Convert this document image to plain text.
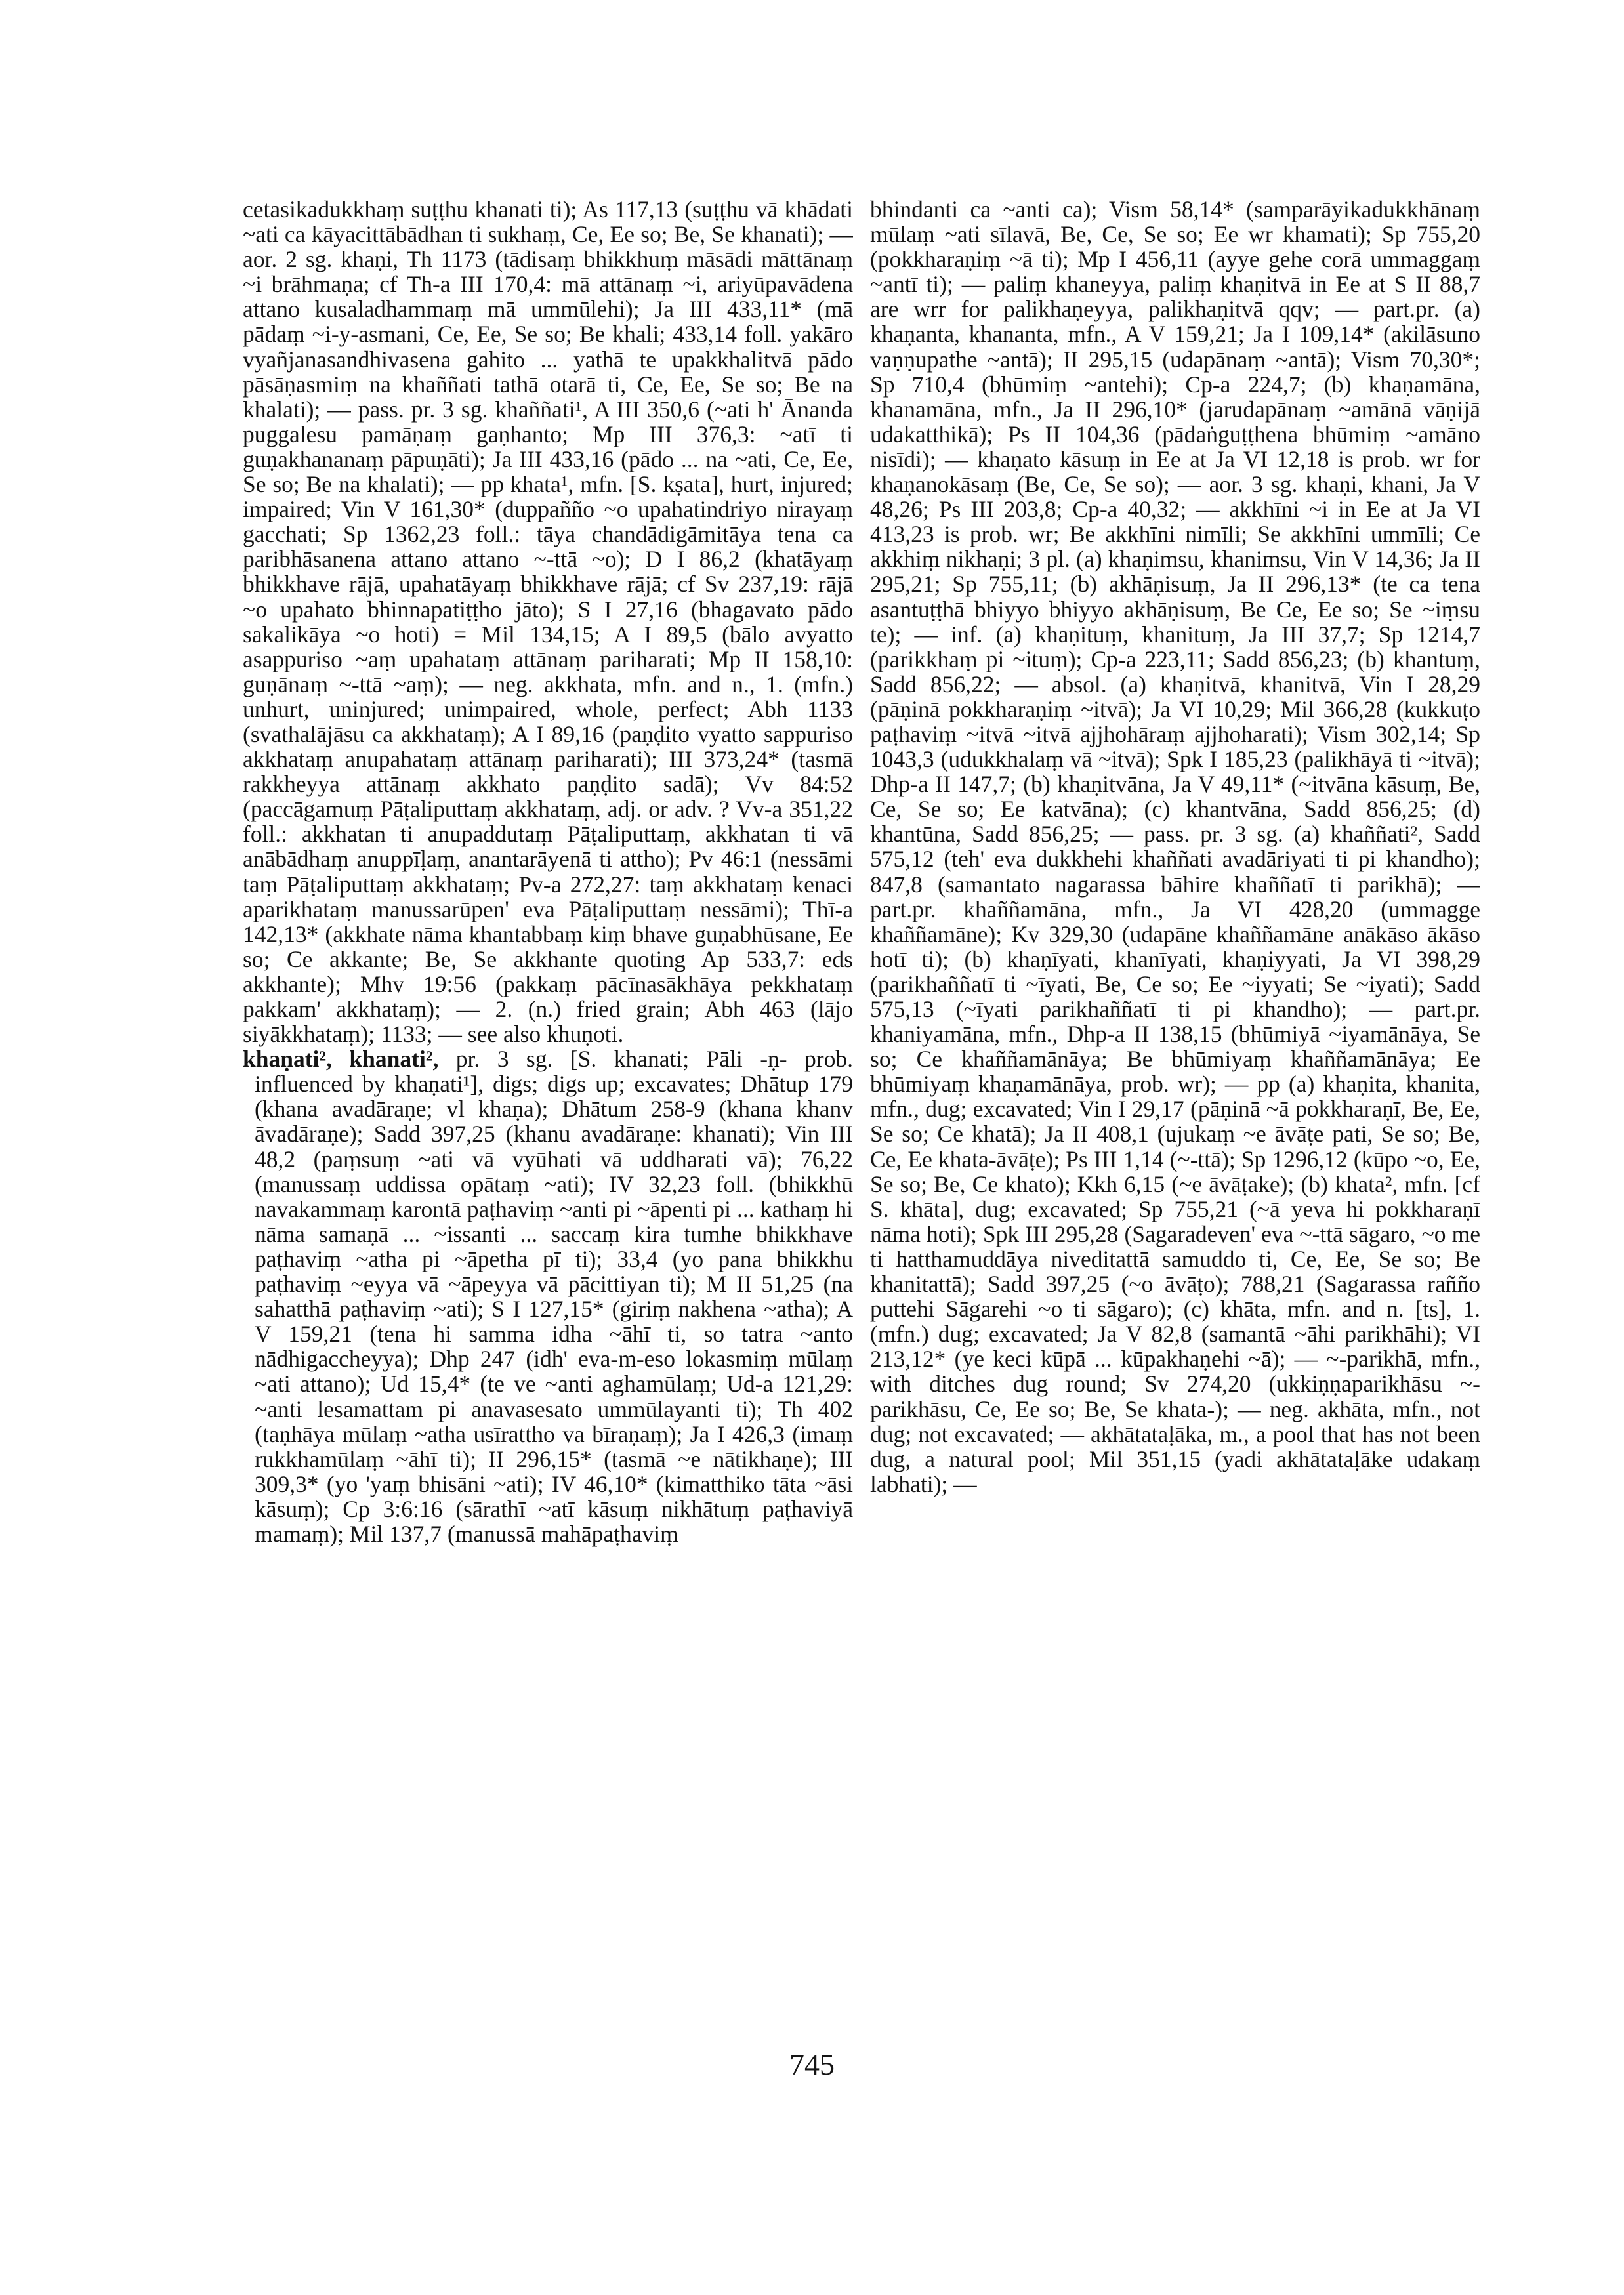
cetasikadukkhaṃ suṭṭhu khanati ti); As 117,13 (suṭṭhu vā khādati ~ati ca kāyacittābādhan ti sukhaṃ, Ce, Ee so; Be, Se khanati); — aor. 2 sg. khaṇi, Th 1173 (tādisaṃ bhikkhuṃ māsādi māttānaṃ ~i brāhmaṇa; cf Th-a III 170,4: mā attānaṃ ~i, ariyūpavādena attano kusaladhammaṃ mā ummūlehi); Ja III 433,11* (mā pādaṃ ~i-y-asmani, Ce, Ee, Se so; Be khali; 433,14 foll. yakāro vyañjanasandhivasena gahito ... yathā te upakkhalitvā pādo pāsāṇasmiṃ na khaññati tathā otarā ti, Ce, Ee, Se so; Be na khalati); — pass. pr. 3 sg. khaññati¹, A III 350,6 (~ati h' Ānanda puggalesu pamāṇaṃ gaṇhanto; Mp III 376,3: ~atī ti guṇakhananaṃ pāpuṇāti); Ja III 433,16 (pādo ... na ~ati, Ce, Ee, Se so; Be na khalati); — pp khata¹, mfn. [S. kṣata], hurt, injured; impaired; Vin V 161,30* (duppañño ~o upahatindriyo nirayaṃ gacchati; Sp 1362,23 foll.: tāya chandādigāmitāya tena ca paribhāsanena attano attano ~-ttā ~o); D I 86,2 (khatāyaṃ bhikkhave rājā, upahatāyaṃ bhikkhave rājā; cf Sv 237,19: rājā ~o upahato bhinnapatiṭṭho jāto); S I 27,16 (bhagavato pādo sakalikāya ~o hoti) = Mil 134,15; A I 89,5 (bālo avyatto asappuriso ~aṃ upahataṃ attānaṃ pariharati; Mp II 158,10: guṇānaṃ ~-ttā ~aṃ); — neg. akkhata, mfn. and n., 1. (mfn.) unhurt, uninjured; unimpaired, whole, perfect; Abh 1133 (svathalājāsu ca akkhataṃ); A I 89,16 (paṇḍito vyatto sappuriso akkhataṃ anupahataṃ attānaṃ pariharati); III 373,24* (tasmā rakkheyya attānaṃ akkhato paṇḍito sadā); Vv 84:52 (paccāgamuṃ Pāṭaliputtaṃ akkhataṃ, adj. or adv. ? Vv-a 351,22 foll.: akkhatan ti anupaddutaṃ Pāṭaliputtaṃ, akkhatan ti vā anābādhaṃ anuppīḷaṃ, anantarāyenā ti attho); Pv 46:1 (nessāmi taṃ Pāṭaliputtaṃ akkhataṃ; Pv-a 272,27: taṃ akkhataṃ kenaci aparikhataṃ manussarūpen' eva Pāṭaliputtaṃ nessāmi); Thī-a 142,13* (akkhate nāma khantabbaṃ kiṃ bhave guṇabhūsane, Ee so; Ce akkante; Be, Se akkhante quoting Ap 533,7: eds akkhante); Mhv 19:56 (pakkaṃ pācīnasākhāya pekkhataṃ pakkam' akkhataṃ); — 2. (n.) fried grain; Abh 463 (lājo siyākkhataṃ); 1133; — see also khuṇoti.

khaṇati², khanati², pr. 3 sg. [S. khanati; Pāli -ṇ- prob. influenced by khaṇati¹], digs; digs up; excavates; Dhātup 179 (khana avadāraṇe; vl khaṇa); Dhātum 258-9 (khana khanv āvadāraṇe); Sadd 397,25 (khanu avadāraṇe: khanati); Vin III 48,2 (paṃsuṃ ~ati vā vyūhati vā uddharati vā); 76,22 (manussaṃ uddissa opātaṃ ~ati); IV 32,23 foll. (bhikkhū navakammaṃ karontā paṭhaviṃ ~anti pi ~āpenti pi ... kathaṃ hi nāma samaṇā ... ~issanti ... saccaṃ kira tumhe bhikkhave paṭhaviṃ ~atha pi ~āpetha pī ti); 33,4 (yo pana bhikkhu paṭhaviṃ ~eyya vā ~āpeyya vā pācittiyan ti); M II 51,25 (na sahatthā paṭhaviṃ ~ati); S I 127,15* (giriṃ nakhena ~atha); A V 159,21 (tena hi samma idha ~āhī ti, so tatra ~anto nādhigaccheyya); Dhp 247 (idh' eva-m-eso lokasmiṃ mūlaṃ ~ati attano); Ud 15,4* (te ve ~anti aghamūlaṃ; Ud-a 121,29: ~anti lesamattam pi anavasesato ummūlayanti ti); Th 402 (taṇhāya mūlaṃ ~atha usīrattho va bīraṇaṃ); Ja I 426,3 (imaṃ rukkhamūlaṃ ~āhī ti); II 296,15* (tasmā ~e nātikhaṇe); III 309,3* (yo 'yaṃ bhisāni ~ati); IV 46,10* (kimatthiko tāta ~āsi kāsuṃ); Cp 3:6:16 (sārathī ~atī kāsuṃ nikhātuṃ paṭhaviyā mamaṃ); Mil 137,7 (manussā mahāpaṭhaviṃ

bhindanti ca ~anti ca); Vism 58,14* (samparāyikadukkhānaṃ mūlaṃ ~ati sīlavā, Be, Ce, Se so; Ee wr khamati); Sp 755,20 (pokkharaṇiṃ ~ā ti); Mp I 456,11 (ayye gehe corā ummaggaṃ ~antī ti); — paliṃ khaneyya, paliṃ khaṇitvā in Ee at S II 88,7 are wrr for palikhaṇeyya, palikhaṇitvā qqv; — part.pr. (a) khaṇanta, khananta, mfn., A V 159,21; Ja I 109,14* (akilāsuno vaṇṇupathe ~antā); II 295,15 (udapānaṃ ~antā); Vism 70,30*; Sp 710,4 (bhūmiṃ ~antehi); Cp-a 224,7; (b) khaṇamāna, khanamāna, mfn., Ja II 296,10* (jarudapānaṃ ~amānā vāṇijā udakatthikā); Ps II 104,36 (pādaṅguṭṭhena bhūmiṃ ~amāno nisīdi); — khaṇato kāsuṃ in Ee at Ja VI 12,18 is prob. wr for khaṇanokāsaṃ (Be, Ce, Se so); — aor. 3 sg. khaṇi, khani, Ja V 48,26; Ps III 203,8; Cp-a 40,32; — akkhīni ~i in Ee at Ja VI 413,23 is prob. wr; Be akkhīni nimīli; Se akkhīni ummīli; Ce akkhiṃ nikhaṇi; 3 pl. (a) khaṇimsu, khanimsu, Vin V 14,36; Ja II 295,21; Sp 755,11; (b) akhāṇisuṃ, Ja II 296,13* (te ca tena asantuṭṭhā bhiyyo bhiyyo akhāṇisuṃ, Be Ce, Ee so; Se ~iṃsu te); — inf. (a) khaṇituṃ, khanituṃ, Ja III 37,7; Sp 1214,7 (parikkhaṃ pi ~ituṃ); Cp-a 223,11; Sadd 856,23; (b) khantuṃ, Sadd 856,22; — absol. (a) khaṇitvā, khanitvā, Vin I 28,29 (pāṇinā pokkharaṇiṃ ~itvā); Ja VI 10,29; Mil 366,28 (kukkuṭo paṭhaviṃ ~itvā ~itvā ajjhohāraṃ ajjhoharati); Vism 302,14; Sp 1043,3 (udukkhalaṃ vā ~itvā); Spk I 185,23 (palikhāyā ti ~itvā); Dhp-a II 147,7; (b) khaṇitvāna, Ja V 49,11* (~itvāna kāsuṃ, Be, Ce, Se so; Ee katvāna); (c) khantvāna, Sadd 856,25; (d) khantūna, Sadd 856,25; — pass. pr. 3 sg. (a) khaññati², Sadd 575,12 (teh' eva dukkhehi khaññati avadāriyati ti pi khandho); 847,8 (samantato nagarassa bāhire khaññatī ti parikhā); — part.pr. khaññamāna, mfn., Ja VI 428,20 (ummagge khaññamāne); Kv 329,30 (udapāne khaññamāne anākāso ākāso hotī ti); (b) khaṇīyati, khanīyati, khaṇiyyati, Ja VI 398,29 (parikhaññatī ti ~īyati, Be, Ce so; Ee ~iyyati; Se ~iyati); Sadd 575,13 (~īyati parikhaññatī ti pi khandho); — part.pr. khaniyamāna, mfn., Dhp-a II 138,15 (bhūmiyā ~iyamānāya, Se so; Ce khaññamānāya; Be bhūmiyaṃ khaññamānāya; Ee bhūmiyaṃ khaṇamānāya, prob. wr); — pp (a) khaṇita, khanita, mfn., dug; excavated; Vin I 29,17 (pāṇinā ~ā pokkharaṇī, Be, Ee, Se so; Ce khatā); Ja II 408,1 (ujukaṃ ~e āvāṭe pati, Se so; Be, Ce, Ee khata-āvāṭe); Ps III 1,14 (~-ttā); Sp 1296,12 (kūpo ~o, Ee, Se so; Be, Ce khato); Kkh 6,15 (~e āvāṭake); (b) khata², mfn. [cf S. khāta], dug; excavated; Sp 755,21 (~ā yeva hi pokkharaṇī nāma hoti); Spk III 295,28 (Sagaradeven' eva ~-ttā sāgaro, ~o me ti hatthamuddāya niveditattā samuddo ti, Ce, Ee, Se so; Be khanitattā); Sadd 397,25 (~o āvāṭo); 788,21 (Sagarassa rañño puttehi Sāgarehi ~o ti sāgaro); (c) khāta, mfn. and n. [ts], 1. (mfn.) dug; excavated; Ja V 82,8 (samantā ~āhi parikhāhi); VI 213,12* (ye keci kūpā ... kūpakhaṇehi ~ā); — ~-parikhā, mfn., with ditches dug round; Sv 274,20 (ukkiṇṇaparikhāsu ~-parikhāsu, Ce, Ee so; Be, Se khata-); — neg. akhāta, mfn., not dug; not excavated; — akhātataḷāka, m., a pool that has not been dug, a natural pool; Mil 351,15 (yadi akhātataḷāke udakaṃ labhati); —

745
